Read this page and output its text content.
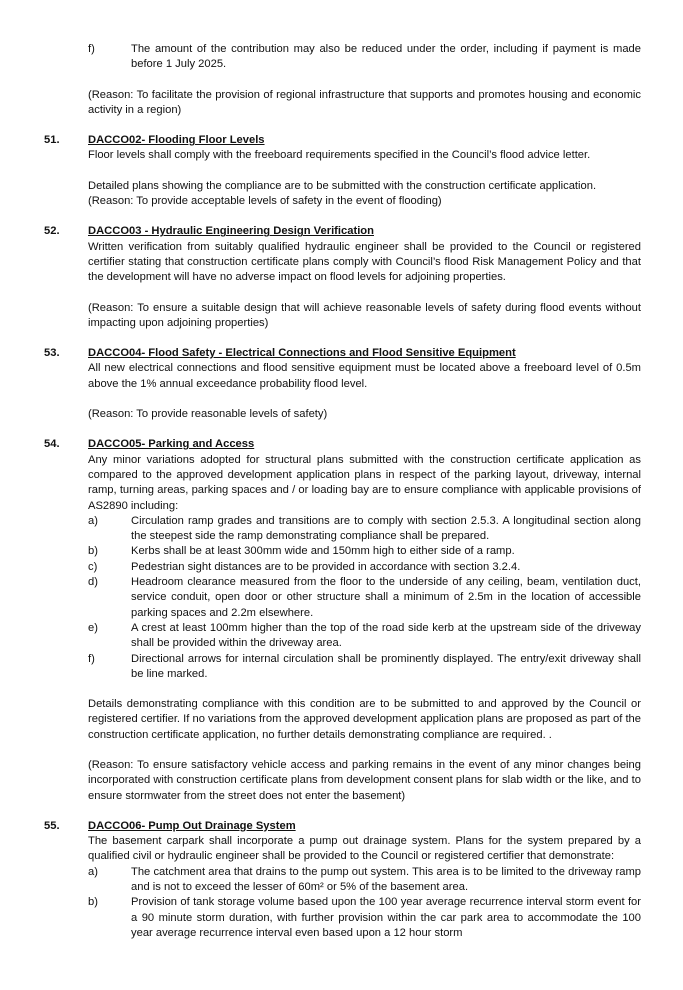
f)	The amount of the contribution may also be reduced under the order, including if payment is made before 1 July 2025.
(Reason: To facilitate the provision of regional infrastructure that supports and promotes housing and economic activity in a region)
51.	DACCO02- Flooding Floor Levels
Floor levels shall comply with the freeboard requirements specified in the Council’s flood advice letter.
Detailed plans showing the compliance are to be submitted with the construction certificate application.
(Reason: To provide acceptable levels of safety in the event of flooding)
52.	DACCO03 - Hydraulic Engineering Design Verification
Written verification from suitably qualified hydraulic engineer shall be provided to the Council or registered certifier stating that construction certificate plans comply with Council’s flood Risk Management Policy and that the development will have no adverse impact on flood levels for adjoining properties.
(Reason: To ensure a suitable design that will achieve reasonable levels of safety during flood events without impacting upon adjoining properties)
53.	DACCO04- Flood Safety - Electrical Connections and Flood Sensitive Equipment
All new electrical connections and flood sensitive equipment must be located above a freeboard level of 0.5m above the 1% annual exceedance probability flood level.
(Reason: To provide reasonable levels of safety)
54.	DACCO05- Parking and Access
Any minor variations adopted for structural plans submitted with the construction certificate application as compared to the approved development application plans in respect of the parking layout, driveway, internal ramp, turning areas, parking spaces and / or loading bay are to ensure compliance with applicable provisions of AS2890 including:
a)	Circulation ramp grades and transitions are to comply with section 2.5.3. A longitudinal section along the steepest side the ramp demonstrating compliance shall be prepared.
b)	Kerbs shall be at least 300mm wide and 150mm high to either side of a ramp.
c)	Pedestrian sight distances are to be provided in accordance with section 3.2.4.
d)	Headroom clearance measured from the floor to the underside of any ceiling, beam, ventilation duct, service conduit, open door or other structure shall a minimum of 2.5m in the location of accessible parking spaces and 2.2m elsewhere.
e)	A crest at least 100mm higher than the top of the road side kerb at the upstream side of the driveway shall be provided within the driveway area.
f)	Directional arrows for internal circulation shall be prominently displayed. The entry/exit driveway shall be line marked.
Details demonstrating compliance with this condition are to be submitted to and approved by the Council or registered certifier. If no variations from the approved development application plans are proposed as part of the construction certificate application, no further details demonstrating compliance are required. .
(Reason: To ensure satisfactory vehicle access and parking remains in the event of any minor changes being incorporated with construction certificate plans from development consent plans for slab width or the like, and to ensure stormwater from the street does not enter the basement)
55.	DACCO06- Pump Out Drainage System
The basement carpark shall incorporate a pump out drainage system. Plans for the system prepared by a qualified civil or hydraulic engineer shall be provided to the Council or registered certifier that demonstrate:
a)	The catchment area that drains to the pump out system. This area is to be limited to the driveway ramp and is not to exceed the lesser of 60m² or 5% of the basement area.
b)	Provision of tank storage volume based upon the 100 year average recurrence interval storm event for a 90 minute storm duration, with further provision within the car park area to accommodate the 100 year average recurrence interval even based upon a 12 hour storm
